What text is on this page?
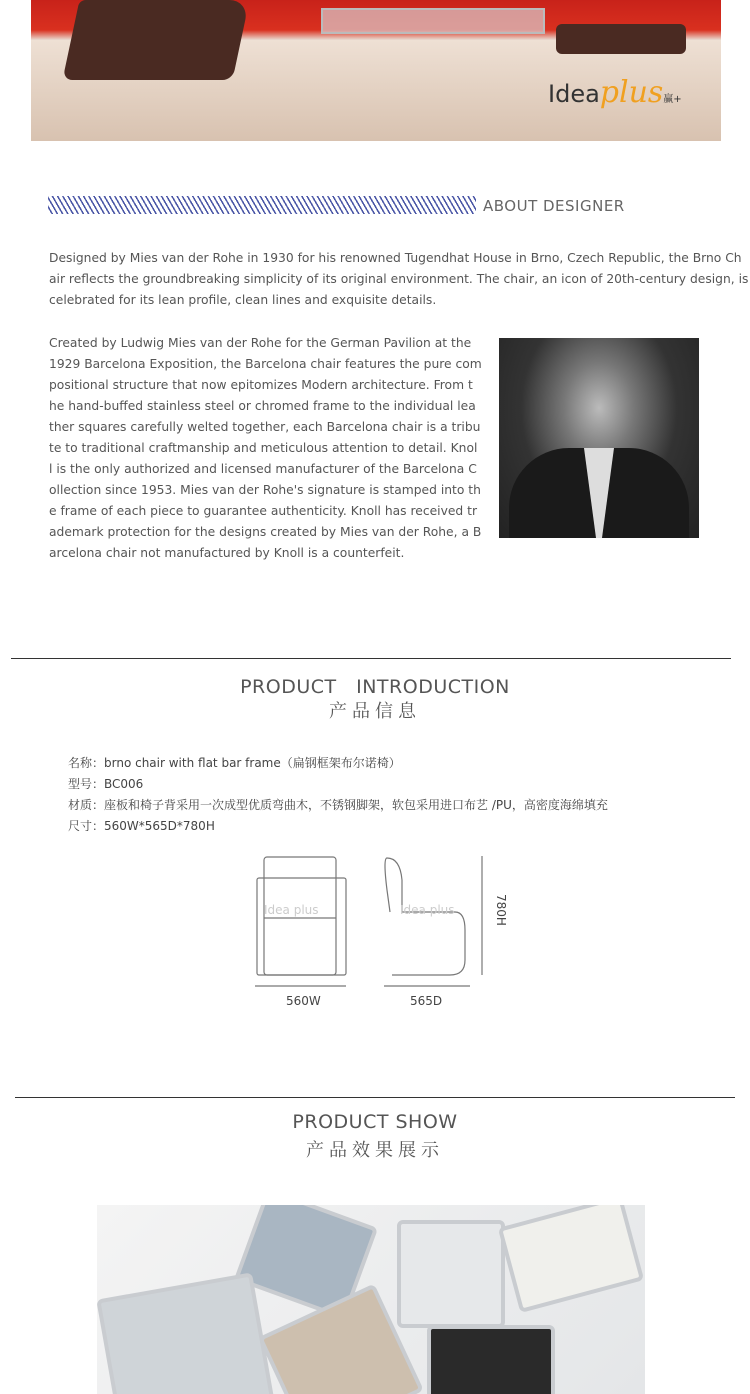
Ideaplus赢+
ABOUT DESIGNER
Designed by Mies van der Rohe in 1930 for his renowned Tugendhat House in Brno, Czech Republic, the Brno Ch
air reflects the groundbreaking simplicity of its original environment. The chair, an icon of 20th-century design, is
celebrated for its lean profile, clean lines and exquisite details.
Created by Ludwig Mies van der Rohe for the German Pavilion at the
1929 Barcelona Exposition, the Barcelona chair features the pure com
positional structure that now epitomizes Modern architecture. From t
he hand-buffed stainless steel or chromed frame to the individual lea
ther squares carefully welted together, each Barcelona chair is a tribu
te to traditional craftmanship and meticulous attention to detail. Knol
l is the only authorized and licensed manufacturer of the Barcelona C
ollection since 1953. Mies van der Rohe's signature is stamped into th
e frame of each piece to guarantee authenticity. Knoll has received tr
ademark protection for the designs created by Mies van der Rohe, a B
arcelona chair not manufactured by Knoll is a counterfeit.
PRODUCT　INTRODUCTION
产品信息
名称：brno chair with flat bar frame（扁钢框架布尔诺椅）
型号：BC006
材质：座板和椅子背采用一次成型优质弯曲木，不锈钢脚架，软包采用进口布艺 /PU，高密度海绵填充
尺寸：560W*565D*780H
Idea plus	Idea plus
560W	565D
780H
PRODUCT SHOW
产品效果展示
